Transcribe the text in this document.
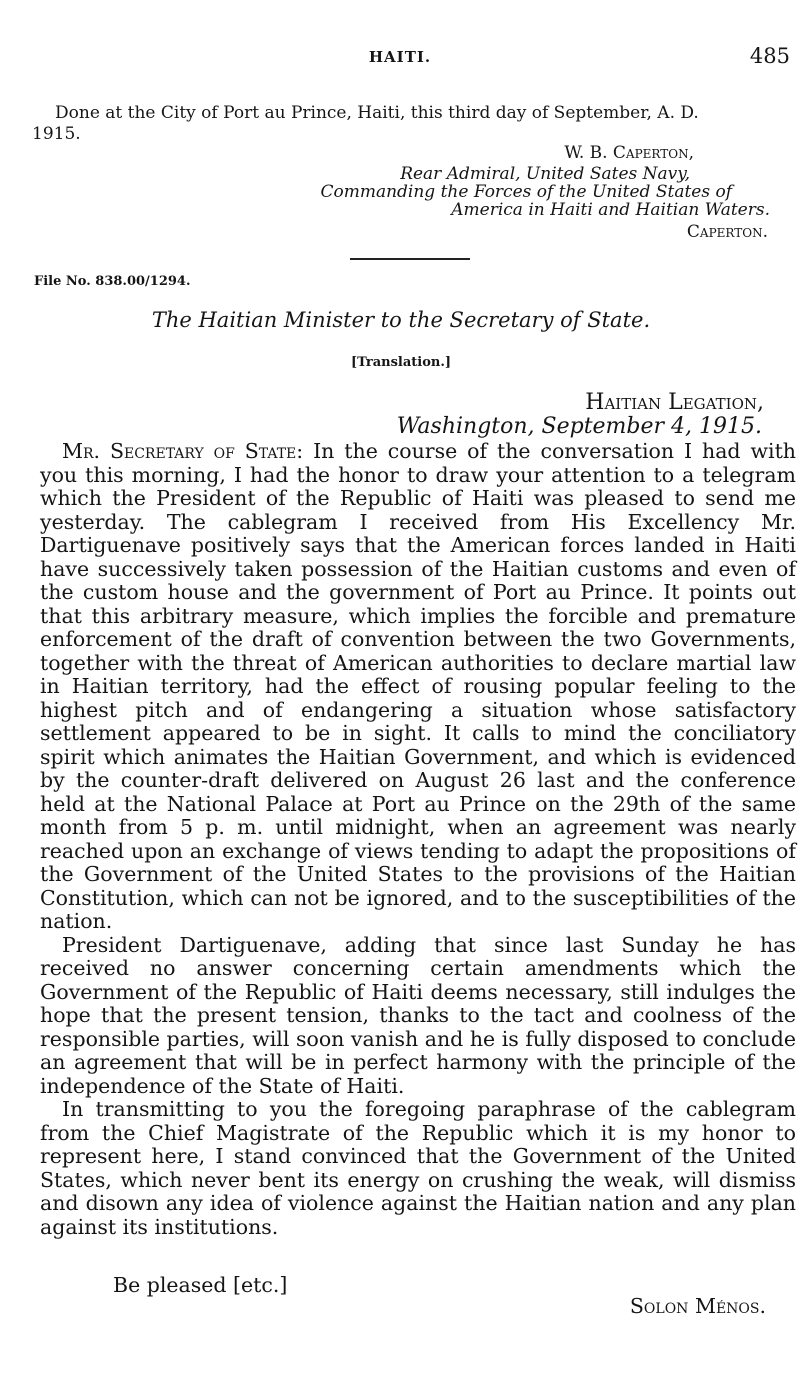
HAITI.	485
Done at the City of Port au Prince, Haiti, this third day of September, A. D.
1915.
W. B. Caperton,
Rear Admiral, United Sates Navy,
Commanding the Forces of the United States of
America in Haiti and Haitian Waters.
Caperton.
File No. 838.00/1294.
The Haitian Minister to the Secretary of State.
[Translation.]
Haitian Legation,
Washington, September 4, 1915.

Mr. Secretary of State: In the course of the conversation I had with you this morning, I had the honor to draw your attention to a telegram which the President of the Republic of Haiti was pleased to send me yesterday. The cablegram I received from His Excellency Mr. Dartiguenave positively says that the American forces landed in Haiti have successively taken possession of the Haitian customs and even of the custom house and the government of Port au Prince. It points out that this arbitrary measure, which implies the forcible and premature enforcement of the draft of convention between the two Governments, together with the threat of American authorities to declare martial law in Haitian territory, had the effect of rousing popular feeling to the highest pitch and of endangering a situation whose satisfactory settlement appeared to be in sight. It calls to mind the conciliatory spirit which animates the Haitian Government, and which is evidenced by the counter-draft delivered on August 26 last and the conference held at the National Palace at Port au Prince on the 29th of the same month from 5 p. m. until midnight, when an agreement was nearly reached upon an exchange of views tending to adapt the propositions of the Government of the United States to the provisions of the Haitian Constitution, which can not be ignored, and to the susceptibilities of the nation.

President Dartiguenave, adding that since last Sunday he has received no answer concerning certain amendments which the Government of the Republic of Haiti deems necessary, still indulges the hope that the present tension, thanks to the tact and coolness of the responsible parties, will soon vanish and he is fully disposed to conclude an agreement that will be in perfect harmony with the principle of the independence of the State of Haiti.

In transmitting to you the foregoing paraphrase of the cablegram from the Chief Magistrate of the Republic which it is my honor to represent here, I stand convinced that the Government of the United States, which never bent its energy on crushing the weak, will dismiss and disown any idea of violence against the Haitian nation and any plan against its institutions.

Be pleased [etc.]
Solon Ménos.
